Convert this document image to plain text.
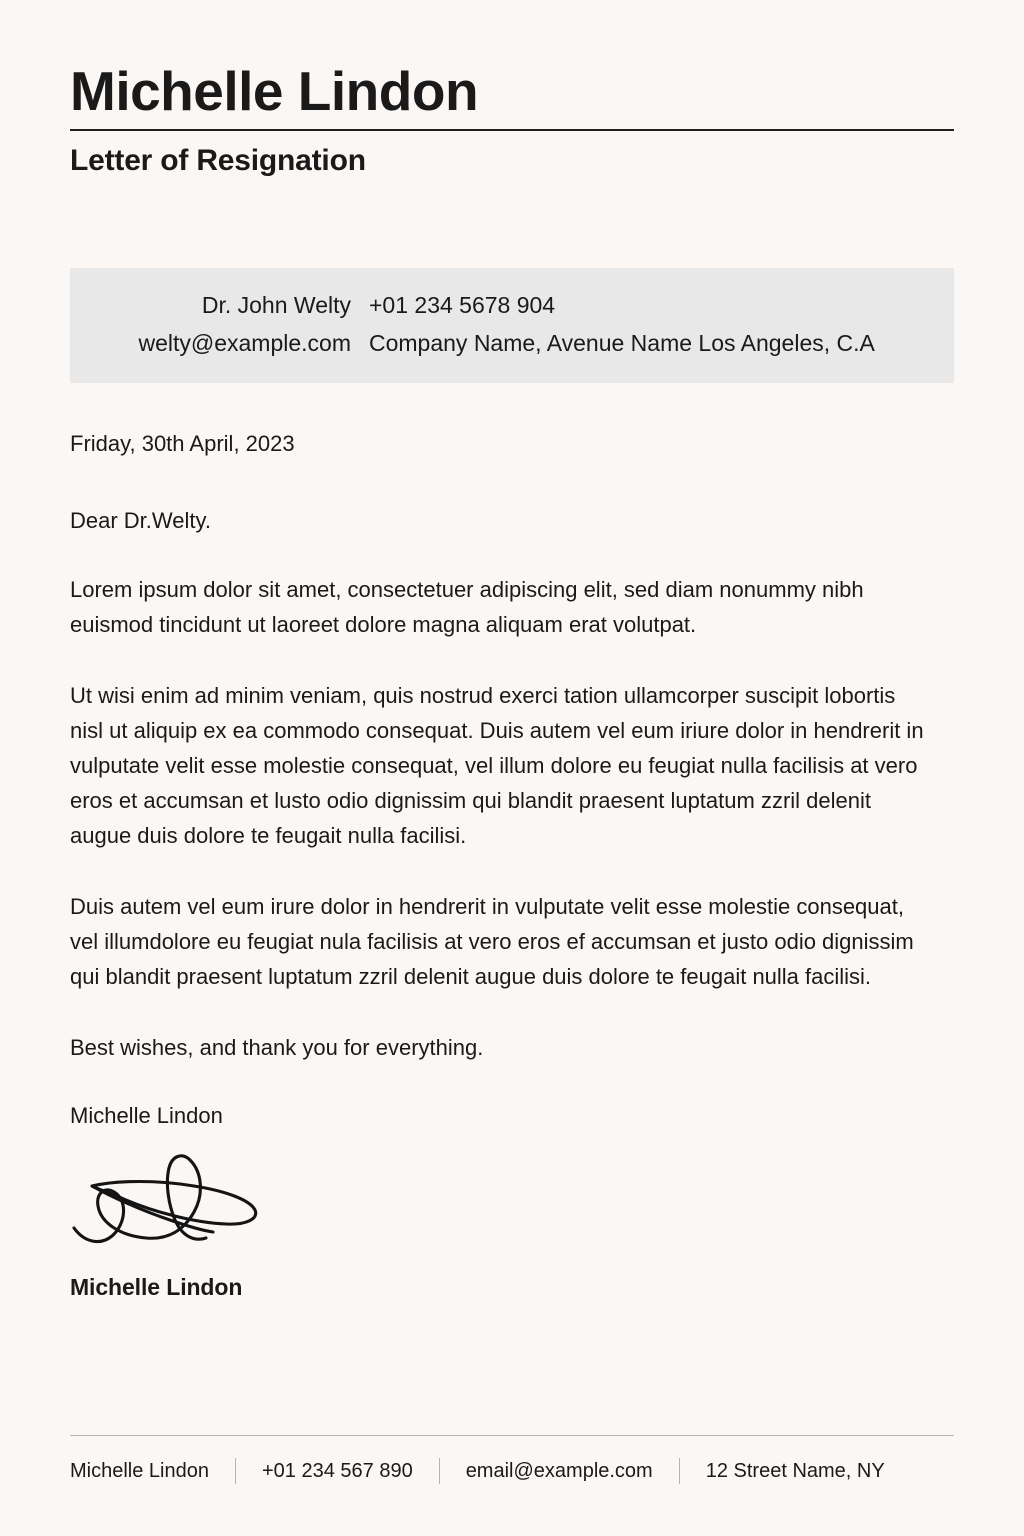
Michelle Lindon
Letter of Resignation
Dr. John Welty +01 234 5678 904
welty@example.com Company Name, Avenue Name Los Angeles, C.A

Friday, 30th April, 2023

Dear Dr.Welty.

Lorem ipsum dolor sit amet, consectetuer adipiscing elit, sed diam nonummy nibh euismod tincidunt ut laoreet dolore magna aliquam erat volutpat.

Ut wisi enim ad minim veniam, quis nostrud exerci tation ullamcorper suscipit lobortis nisl ut aliquip ex ea commodo consequat. Duis autem vel eum iriure dolor in hendrerit in vulputate velit esse molestie consequat, vel illum dolore eu feugiat nulla facilisis at vero eros et accumsan et lusto odio dignissim qui blandit praesent luptatum zzril delenit augue duis dolore te feugait nulla facilisi.

Duis autem vel eum irure dolor in hendrerit in vulputate velit esse molestie consequat, vel illumdolore eu feugiat nula facilisis at vero eros ef accumsan et justo odio dignissim qui blandit praesent luptatum zzril delenit augue duis dolore te feugait nulla facilisi.

Best wishes, and thank you for everything.

Michelle Lindon

Michelle Lindon

Michelle Lindon	+01 234 567 890	email@example.com	12 Street Name, NY
